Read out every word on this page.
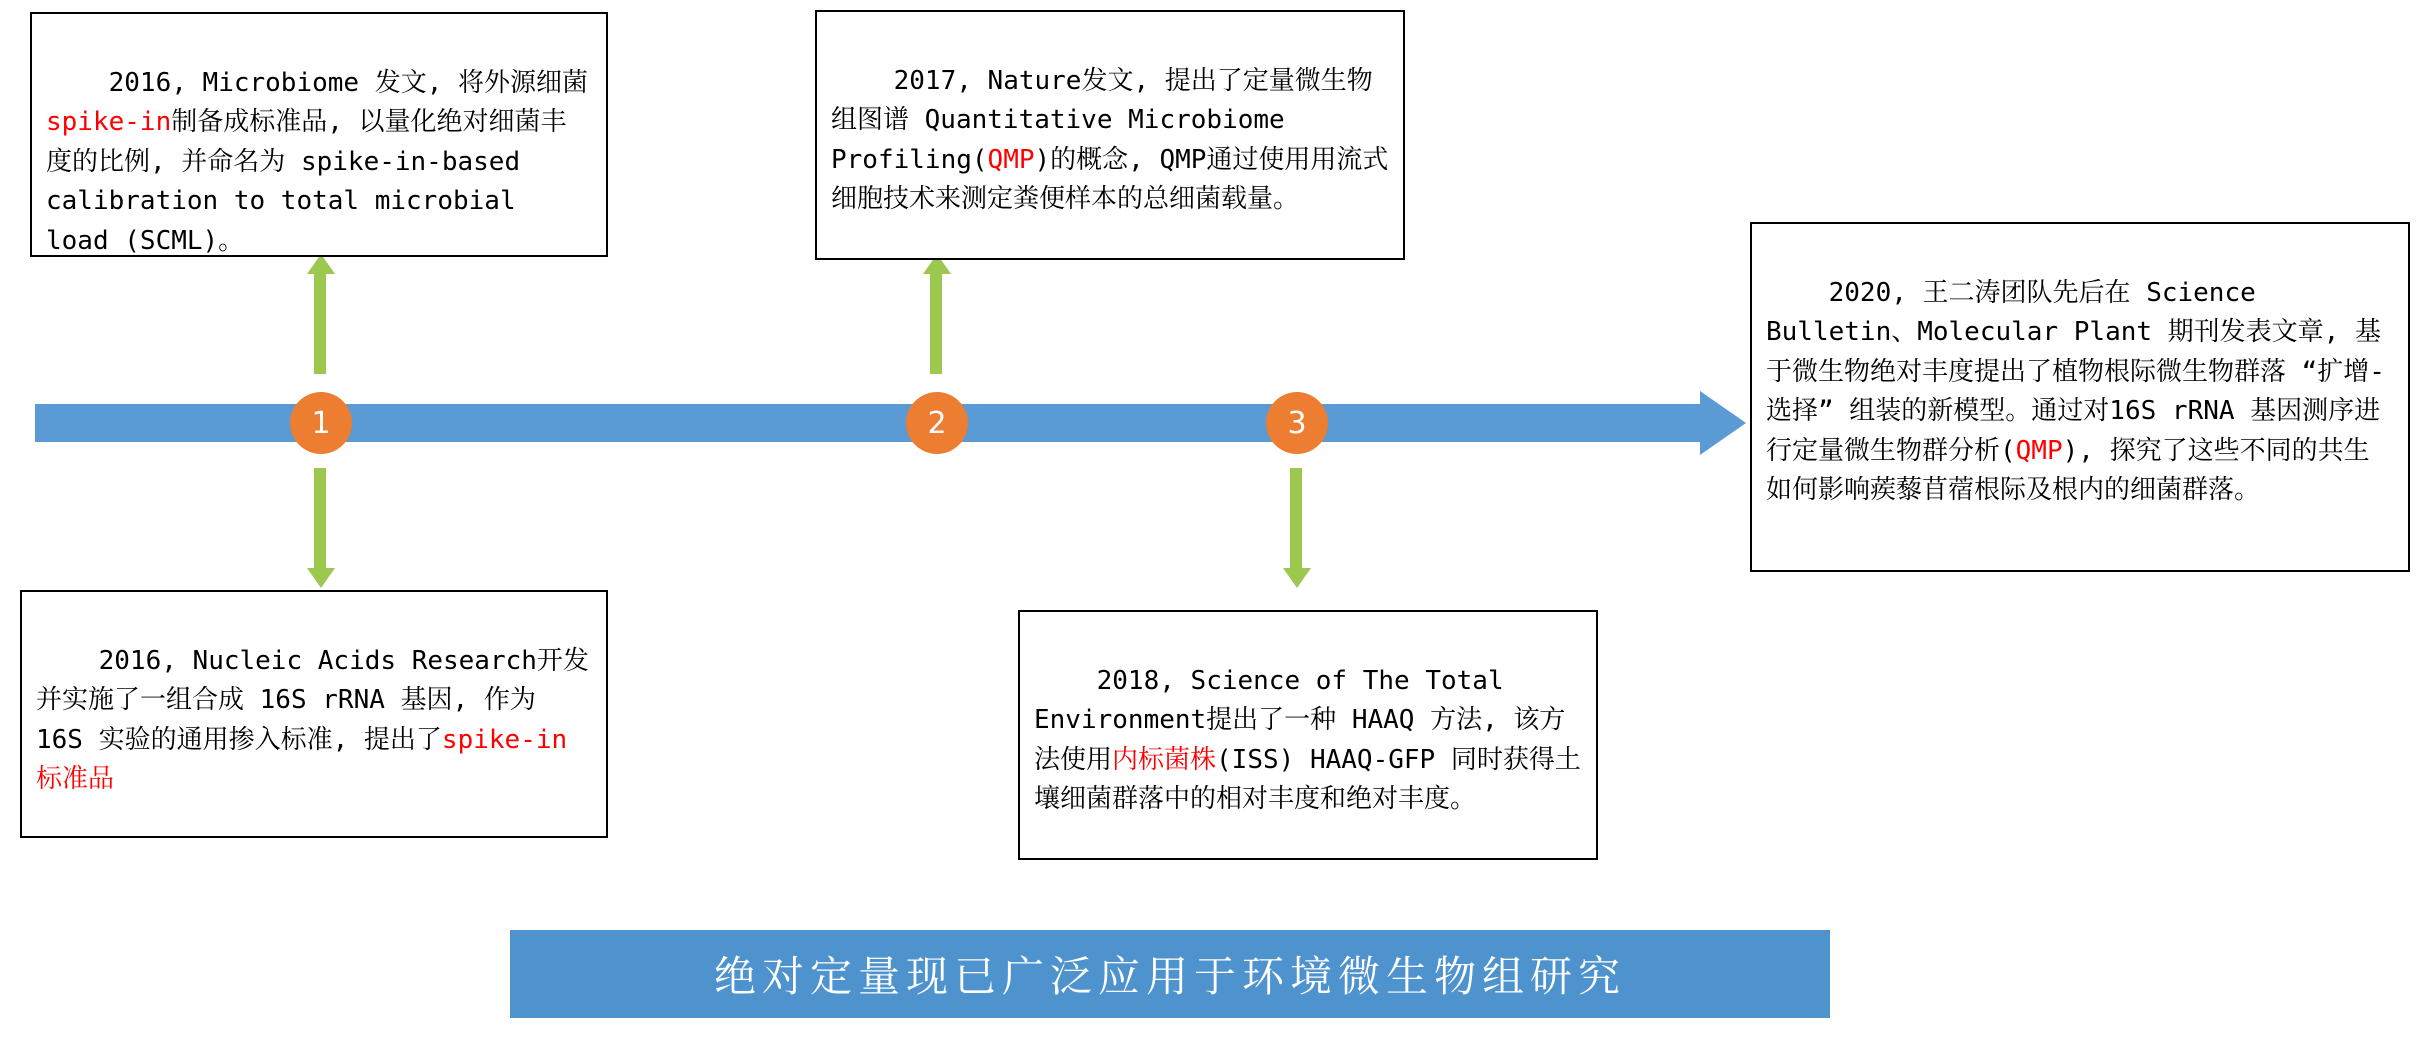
1	2	3

2016, Microbiome 发文, 将外源细菌spike-in制备成标准品, 以量化绝对细菌丰度的比例, 并命名为 spike-in-based calibration to total microbial load (SCML)。

2017, Nature发文, 提出了定量微生物组图谱 Quantitative Microbiome Profiling(QMP)的概念, QMP通过使用用流式细胞技术来测定粪便样本的总细菌载量。

2020, 王二涛团队先后在 Science Bulletin、Molecular Plant 期刊发表文章, 基于微生物绝对丰度提出了植物根际微生物群落 “扩增-选择” 组装的新模型。通过对16S rRNA 基因测序进行定量微生物群分析(QMP), 探究了这些不同的共生如何影响蒺藜苜蓿根际及根内的细菌群落。

2016, Nucleic Acids Research开发并实施了一组合成 16S rRNA 基因, 作为 16S 实验的通用掺入标准, 提出了spike-in 标准品

2018, Science of The Total Environment提出了一种 HAAQ 方法, 该方法使用内标菌株(ISS) HAAQ-GFP 同时获得土壤细菌群落中的相对丰度和绝对丰度。

绝对定量现已广泛应用于环境微生物组研究
